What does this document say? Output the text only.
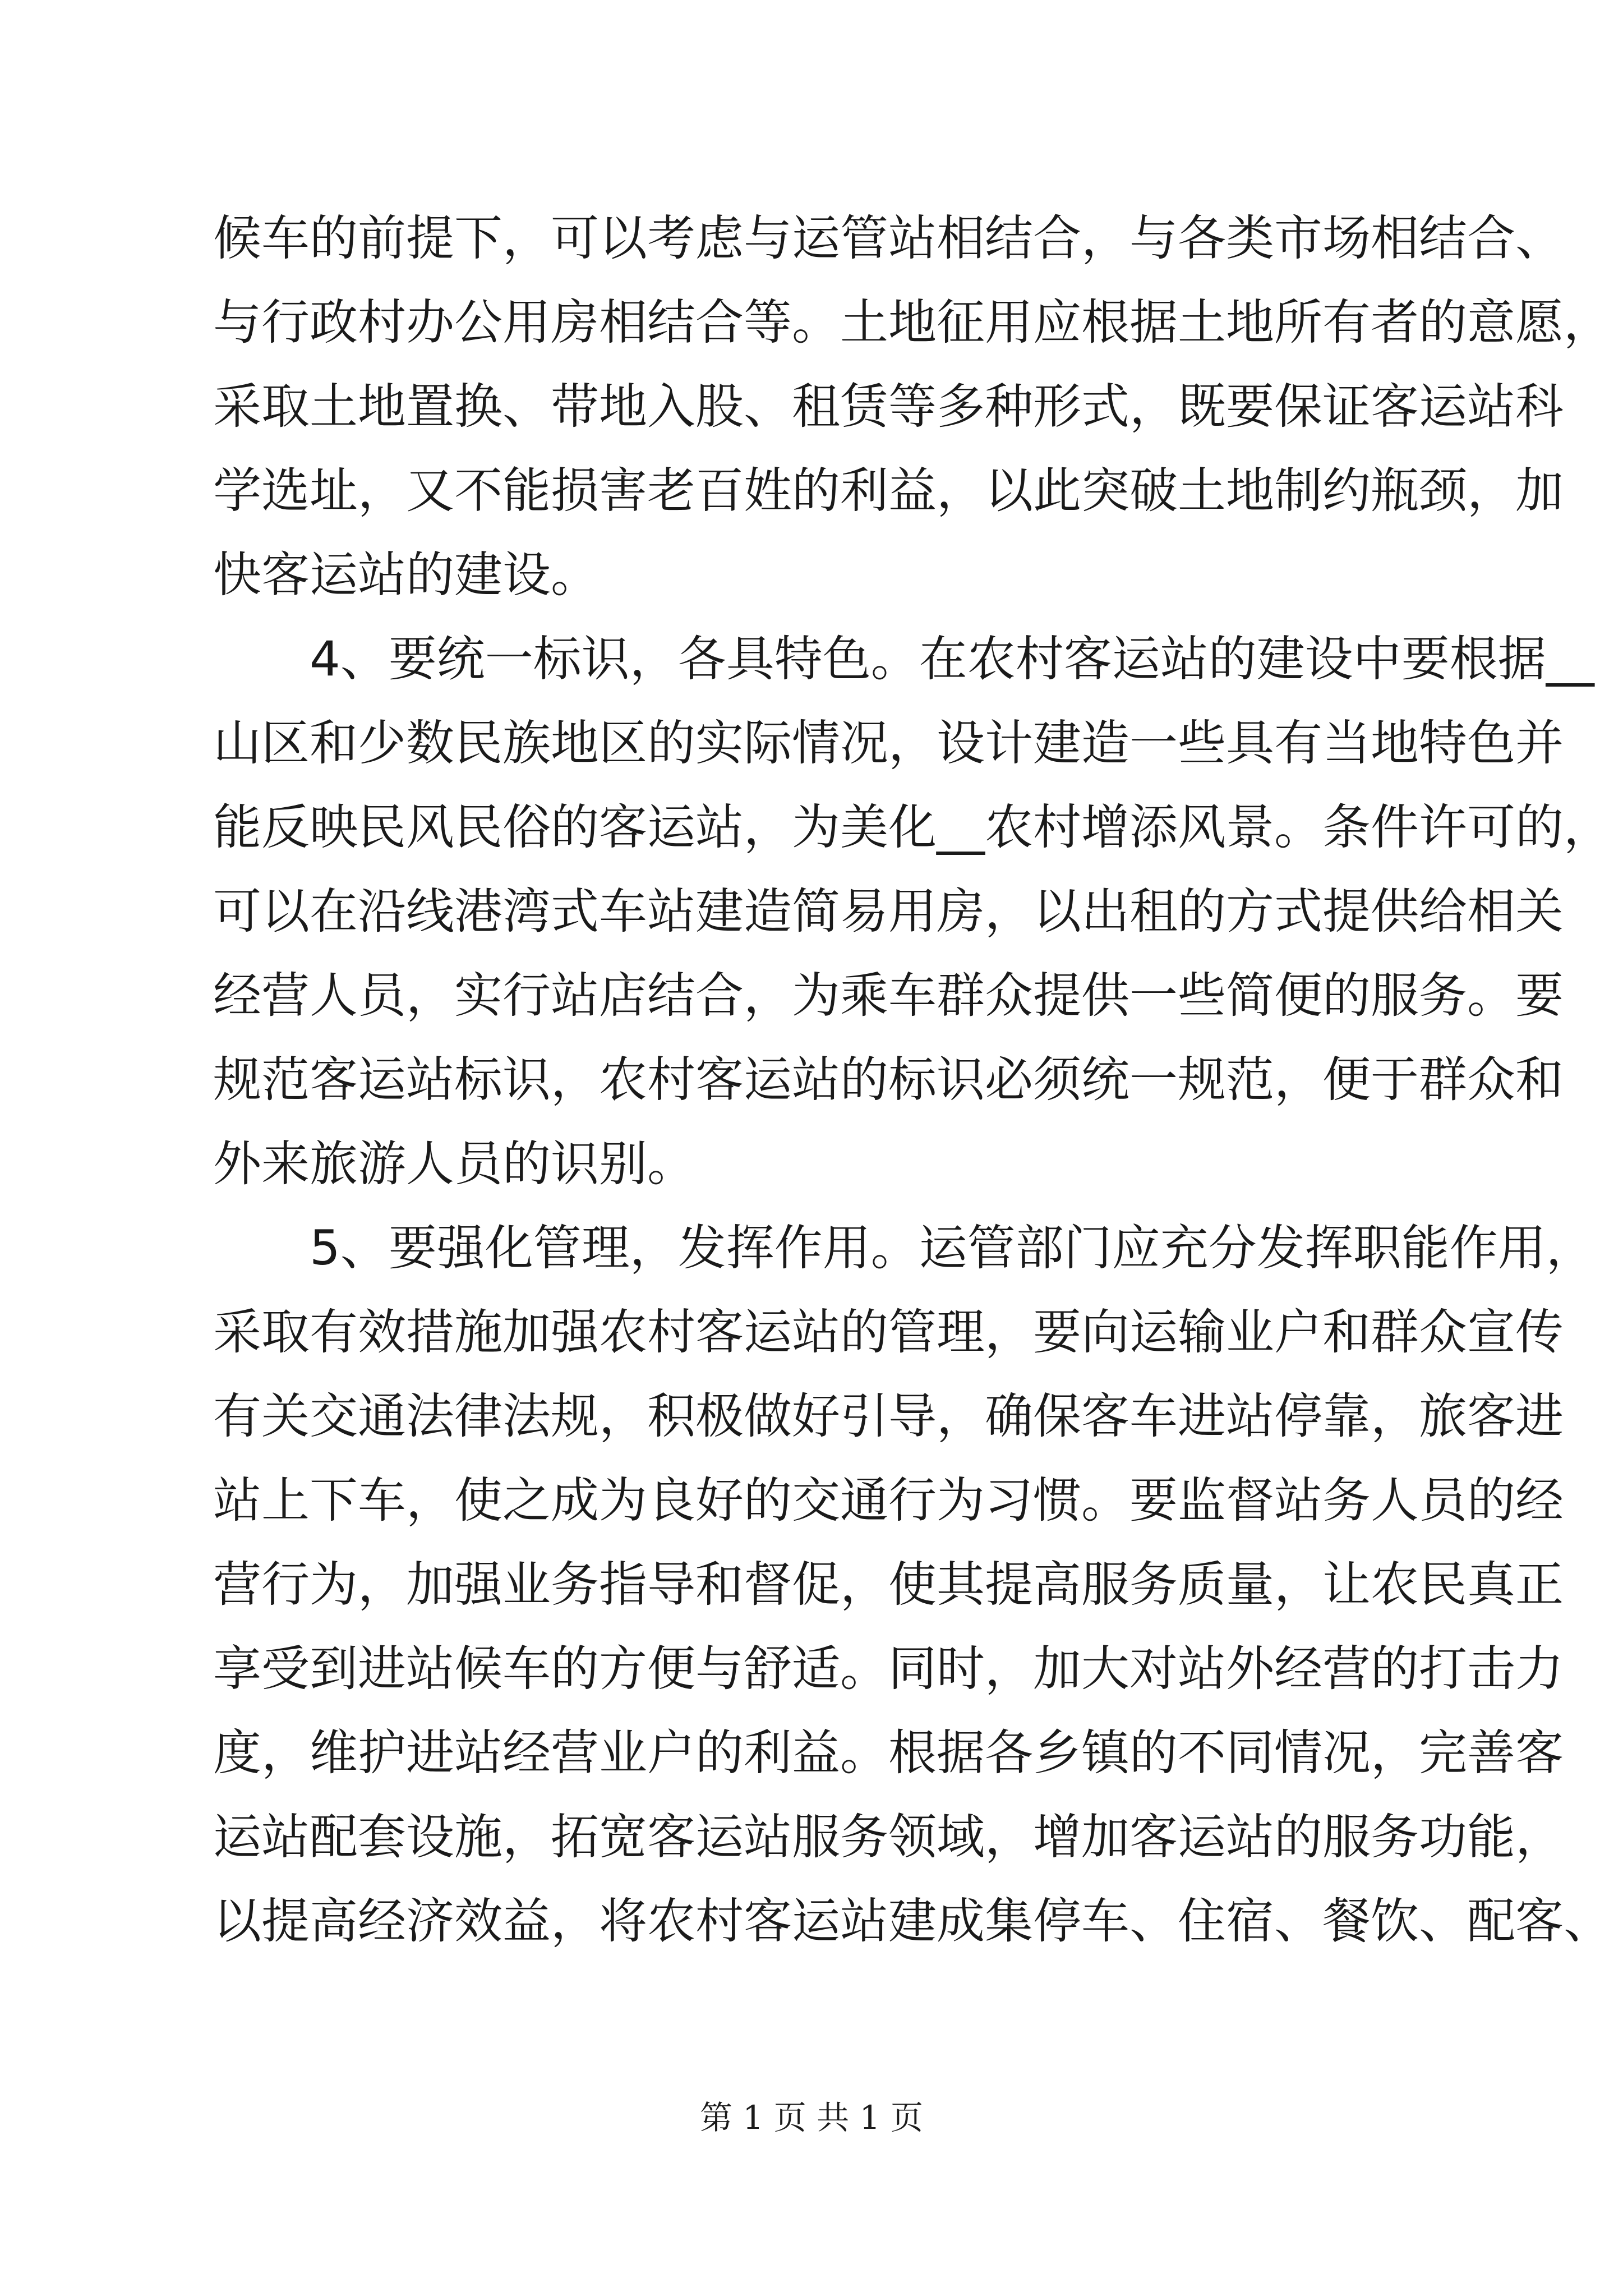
候车的前提下，可以考虑与运管站相结合，与各类市场相结合、
与行政村办公用房相结合等。土地征用应根据土地所有者的意愿，
采取土地置换、带地入股、租赁等多种形式，既要保证客运站科
学选址，又不能损害老百姓的利益，以此突破土地制约瓶颈，加
快客运站的建设。
　　4、要统一标识，各具特色。在农村客运站的建设中要根据__
山区和少数民族地区的实际情况，设计建造一些具有当地特色并
能反映民风民俗的客运站，为美化__农村增添风景。条件许可的，
可以在沿线港湾式车站建造简易用房，以出租的方式提供给相关
经营人员，实行站店结合，为乘车群众提供一些简便的服务。要
规范客运站标识，农村客运站的标识必须统一规范，便于群众和
外来旅游人员的识别。
　　5、要强化管理，发挥作用。运管部门应充分发挥职能作用，
采取有效措施加强农村客运站的管理，要向运输业户和群众宣传
有关交通法律法规，积极做好引导，确保客车进站停靠，旅客进
站上下车，使之成为良好的交通行为习惯。要监督站务人员的经
营行为，加强业务指导和督促，使其提高服务质量，让农民真正
享受到进站候车的方便与舒适。同时，加大对站外经营的打击力
度，维护进站经营业户的利益。根据各乡镇的不同情况，完善客
运站配套设施，拓宽客运站服务领域，增加客运站的服务功能，
以提高经济效益，将农村客运站建成集停车、住宿、餐饮、配客、
第 1 页 共 1 页
